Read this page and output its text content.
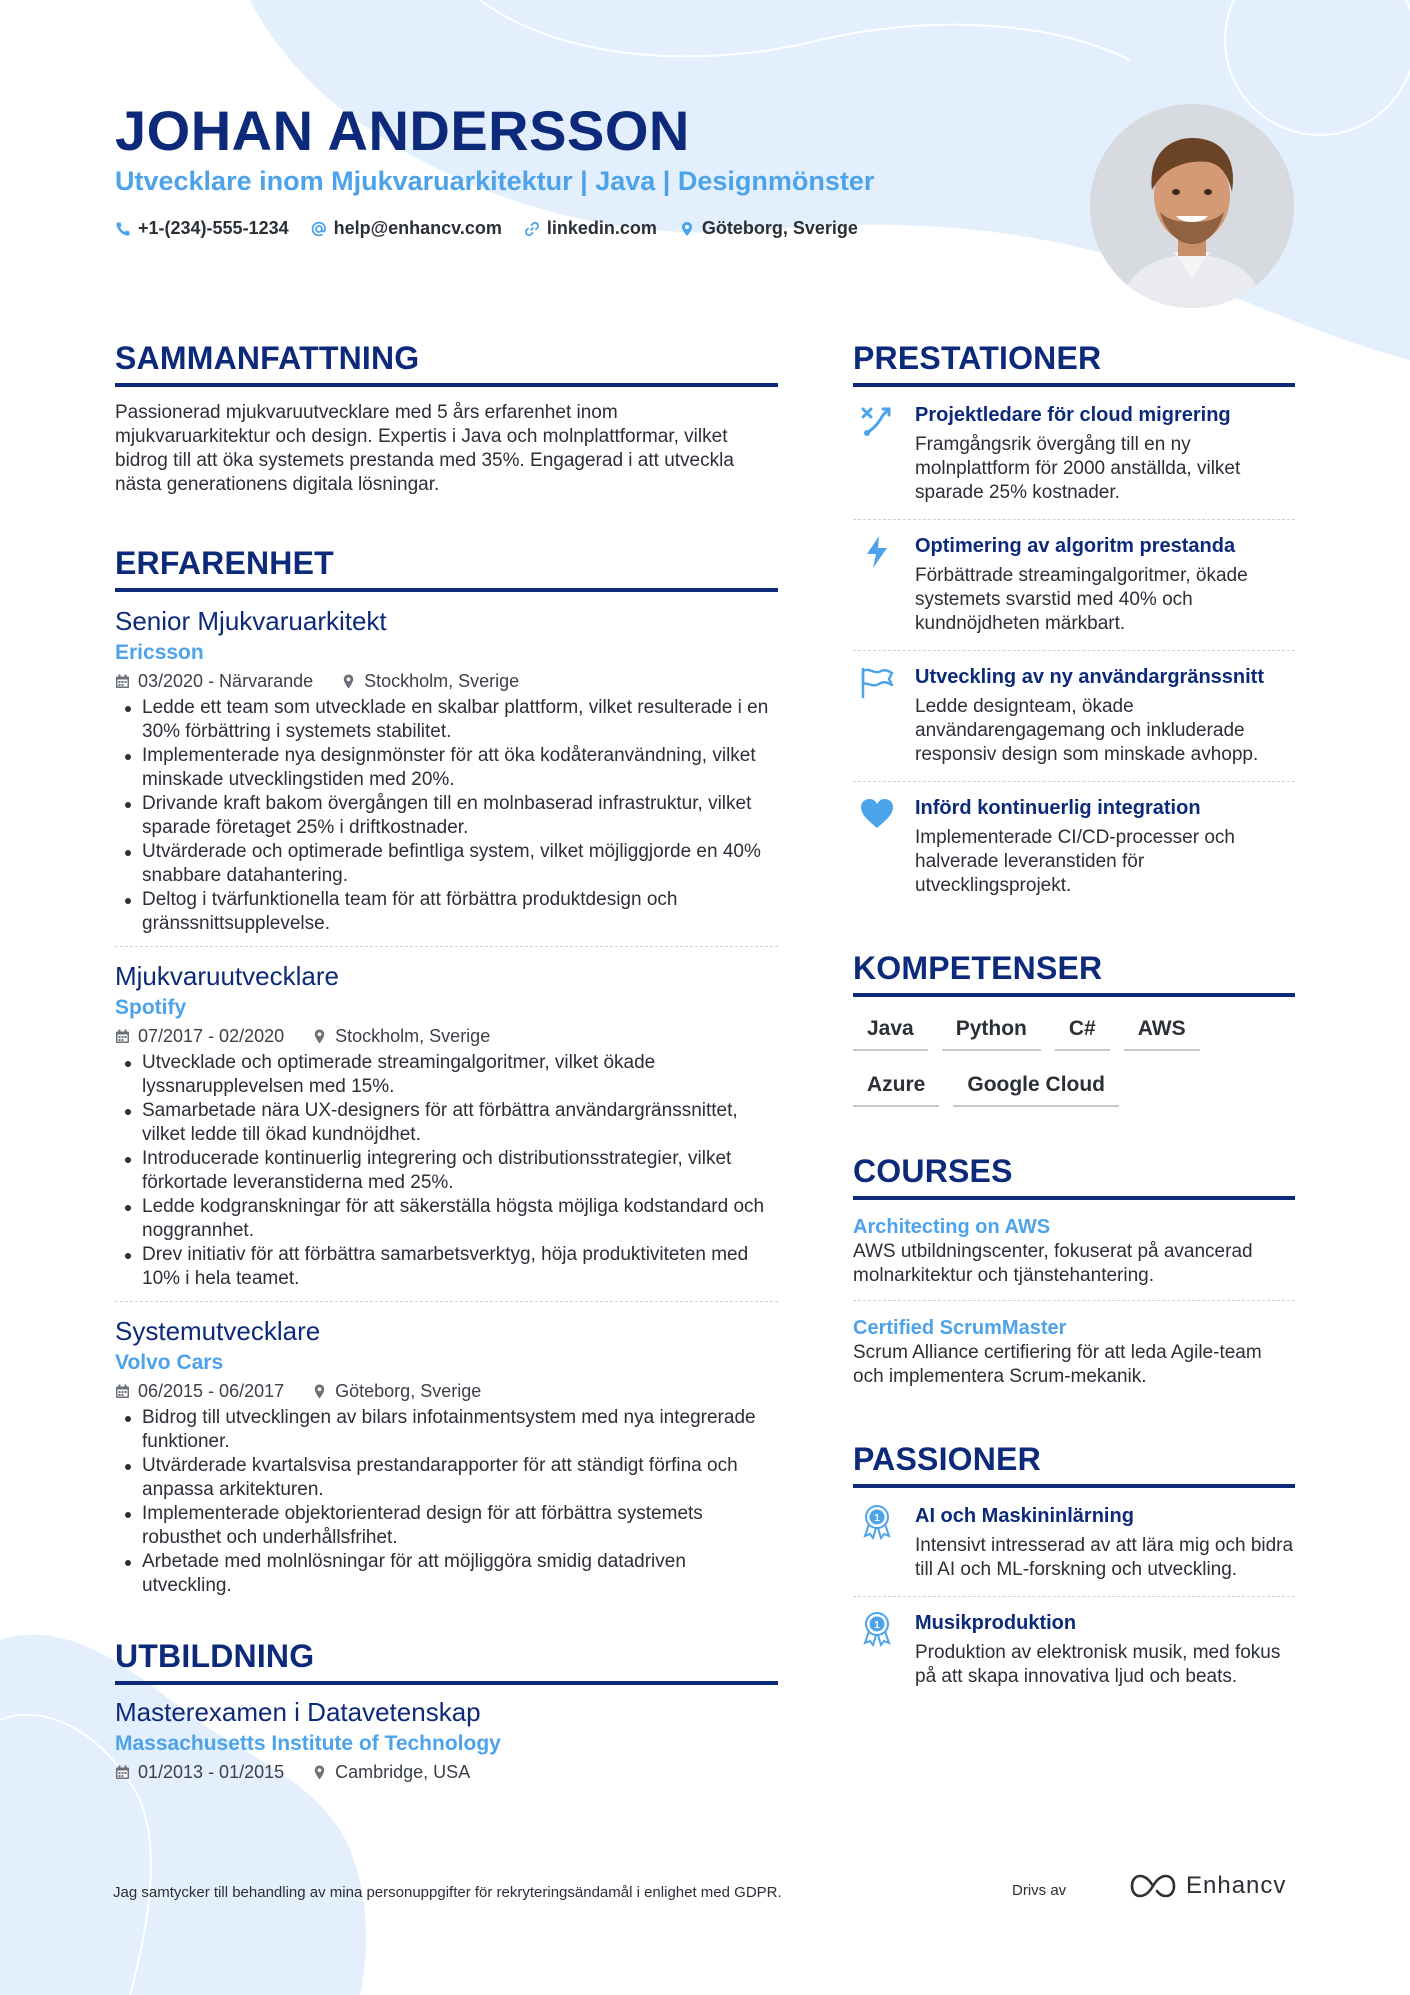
JOHAN ANDERSSON
Utvecklare inom Mjukvaruarkitektur | Java | Designmönster
+1-(234)-555-1234	help@enhancv.com	linkedin.com	Göteborg, Sverige
SAMMANFATTNING

Passionerad mjukvaruutvecklare med 5 års erfarenhet inom mjukvaruarkitektur och design. Expertis i Java och molnplattformar, vilket bidrog till att öka systemets prestanda med 35%. Engagerad i att utveckla nästa generationens digitala lösningar.

ERFARENHET
Senior Mjukvaruarkitekt
Ericsson
03/2020 - Närvarande	Stockholm, Sverige
Ledde ett team som utvecklade en skalbar plattform, vilket resulterade i en 30% förbättring i systemets stabilitet.
Implementerade nya designmönster för att öka kodåteranvändning, vilket minskade utvecklingstiden med 20%.
Drivande kraft bakom övergången till en molnbaserad infrastruktur, vilket sparade företaget 25% i driftkostnader.
Utvärderade och optimerade befintliga system, vilket möjliggjorde en 40% snabbare datahantering.
Deltog i tvärfunktionella team för att förbättra produktdesign och gränssnittsupplevelse.
Mjukvaruutvecklare
Spotify
07/2017 - 02/2020	Stockholm, Sverige
Utvecklade och optimerade streamingalgoritmer, vilket ökade lyssnarupplevelsen med 15%.
Samarbetade nära UX-designers för att förbättra användargränssnittet, vilket ledde till ökad kundnöjdhet.
Introducerade kontinuerlig integrering och distributionsstrategier, vilket förkortade leveranstiderna med 25%.
Ledde kodgranskningar för att säkerställa högsta möjliga kodstandard och noggrannhet.
Drev initiativ för att förbättra samarbetsverktyg, höja produktiviteten med 10% i hela teamet.
Systemutvecklare
Volvo Cars
06/2015 - 06/2017	Göteborg, Sverige
Bidrog till utvecklingen av bilars infotainmentsystem med nya integrerade funktioner.
Utvärderade kvartalsvisa prestandarapporter för att ständigt förfina och anpassa arkitekturen.
Implementerade objektorienterad design för att förbättra systemets robusthet och underhållsfrihet.
Arbetade med molnlösningar för att möjliggöra smidig datadriven utveckling.
UTBILDNING
Masterexamen i Datavetenskap
Massachusetts Institute of Technology
01/2013 - 01/2015	Cambridge, USA
PRESTATIONER
Projektledare för cloud migrering
Framgångsrik övergång till en ny molnplattform för 2000 anställda, vilket sparade 25% kostnader.
Optimering av algoritm prestanda
Förbättrade streamingalgoritmer, ökade systemets svarstid med 40% och kundnöjdheten märkbart.
Utveckling av ny användargränssnitt
Ledde designteam, ökade användarengagemang och inkluderade responsiv design som minskade avhopp.
Införd kontinuerlig integration
Implementerade CI/CD-processer och halverade leveranstiden för utvecklingsprojekt.
KOMPETENSER
Java	Python	C#	AWS
Azure	Google Cloud
COURSES
Architecting on AWS
AWS utbildningscenter, fokuserat på avancerad molnarkitektur och tjänstehantering.
Certified ScrumMaster
Scrum Alliance certifiering för att leda Agile-team och implementera Scrum-mekanik.
PASSIONER
1 AI och Maskininlärning
Intensivt intresserad av att lära mig och bidra till AI och ML-forskning och utveckling.
1 Musikproduktion
Produktion av elektronisk musik, med fokus på att skapa innovativa ljud och beats.
Jag samtycker till behandling av mina personuppgifter för rekryteringsändamål i enlighet med GDPR.	Drivs av	Enhancv
